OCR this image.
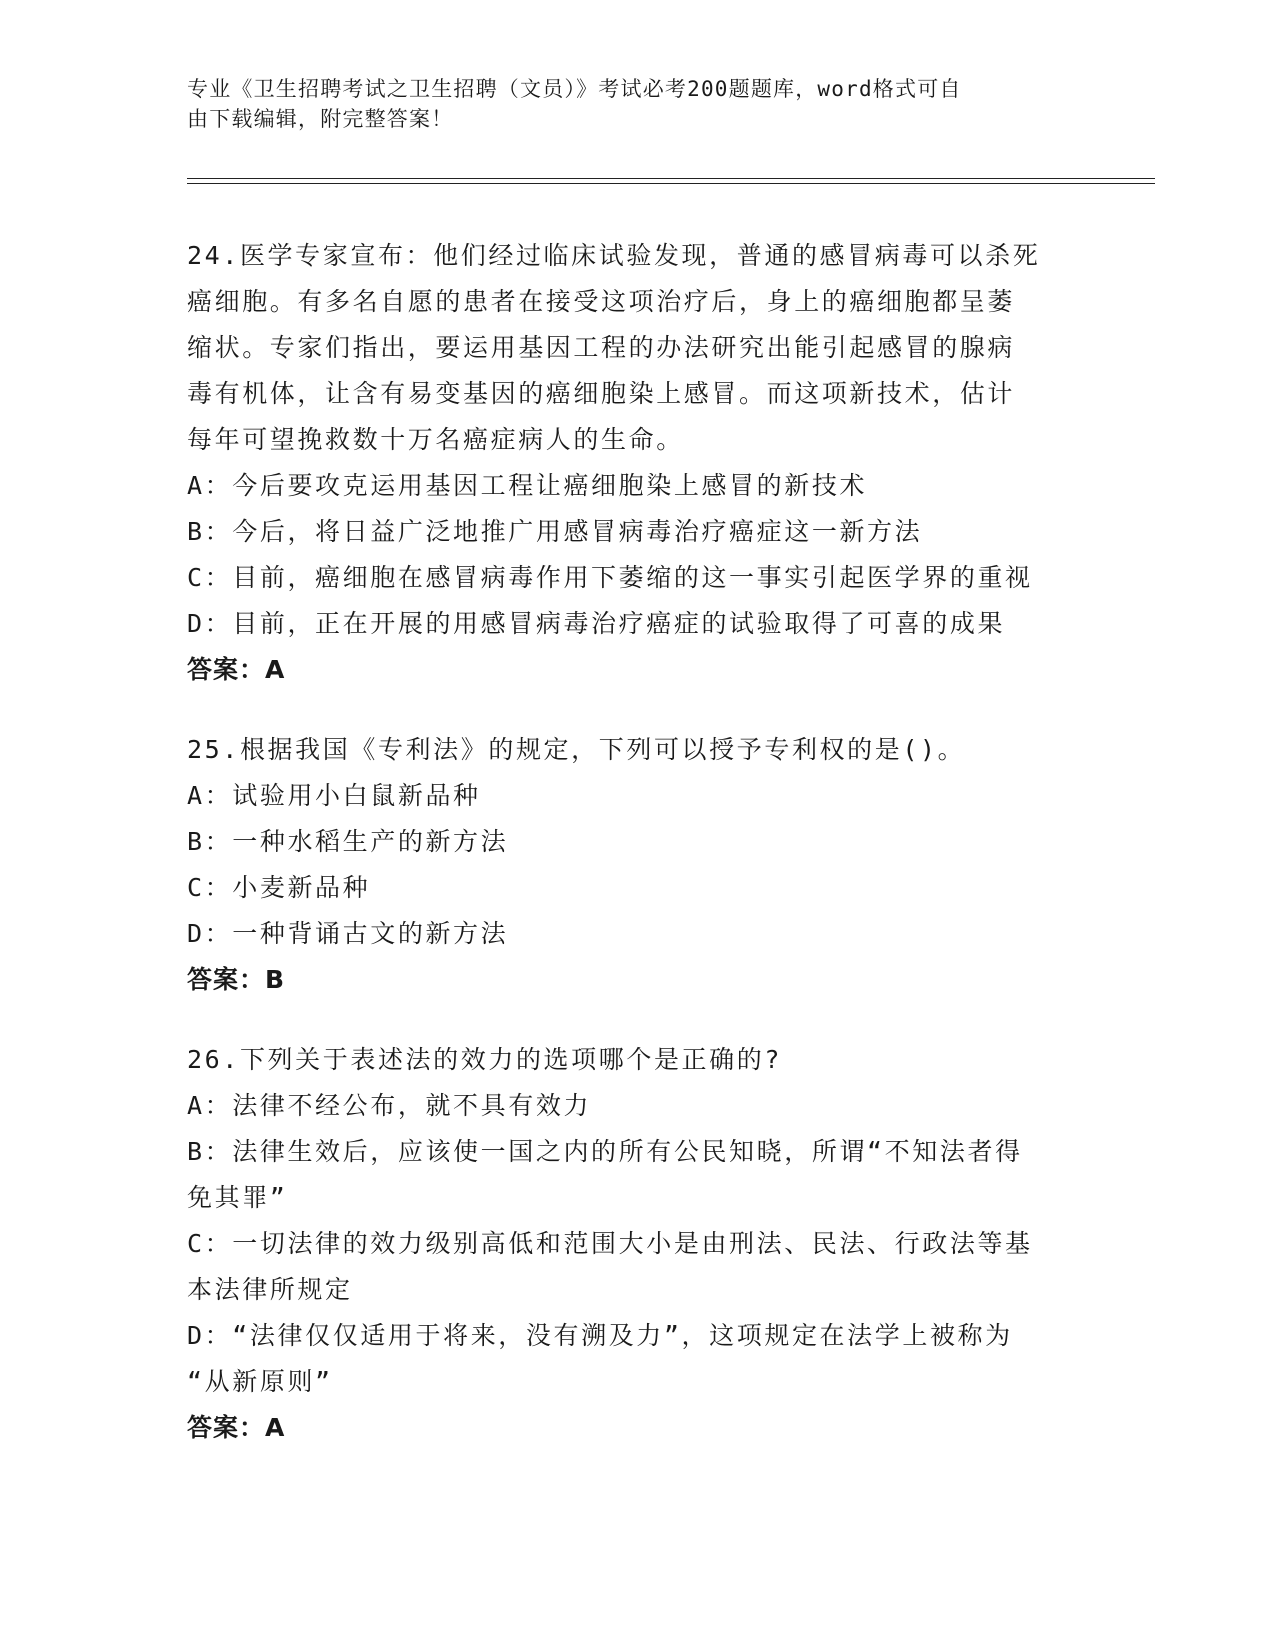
专业《卫生招聘考试之卫生招聘（文员）》考试必考200题题库，word格式可自

由下载编辑，附完整答案！

24.医学专家宣布：他们经过临床试验发现，普通的感冒病毒可以杀死

癌细胞。有多名自愿的患者在接受这项治疗后，身上的癌细胞都呈萎

缩状。专家们指出，要运用基因工程的办法研究出能引起感冒的腺病

毒有机体，让含有易变基因的癌细胞染上感冒。而这项新技术，估计

每年可望挽救数十万名癌症病人的生命。

A：今后要攻克运用基因工程让癌细胞染上感冒的新技术

B：今后，将日益广泛地推广用感冒病毒治疗癌症这一新方法

C：目前，癌细胞在感冒病毒作用下萎缩的这一事实引起医学界的重视

D：目前，正在开展的用感冒病毒治疗癌症的试验取得了可喜的成果

答案：A

25.根据我国《专利法》的规定，下列可以授予专利权的是()。

A：试验用小白鼠新品种

B：一种水稻生产的新方法

C：小麦新品种

D：一种背诵古文的新方法

答案：B

26.下列关于表述法的效力的选项哪个是正确的?

A：法律不经公布，就不具有效力

B：法律生效后，应该使一国之内的所有公民知晓，所谓“不知法者得

免其罪”

C：一切法律的效力级别高低和范围大小是由刑法、民法、行政法等基

本法律所规定

D：“法律仅仅适用于将来，没有溯及力”，这项规定在法学上被称为

“从新原则”

答案：A
